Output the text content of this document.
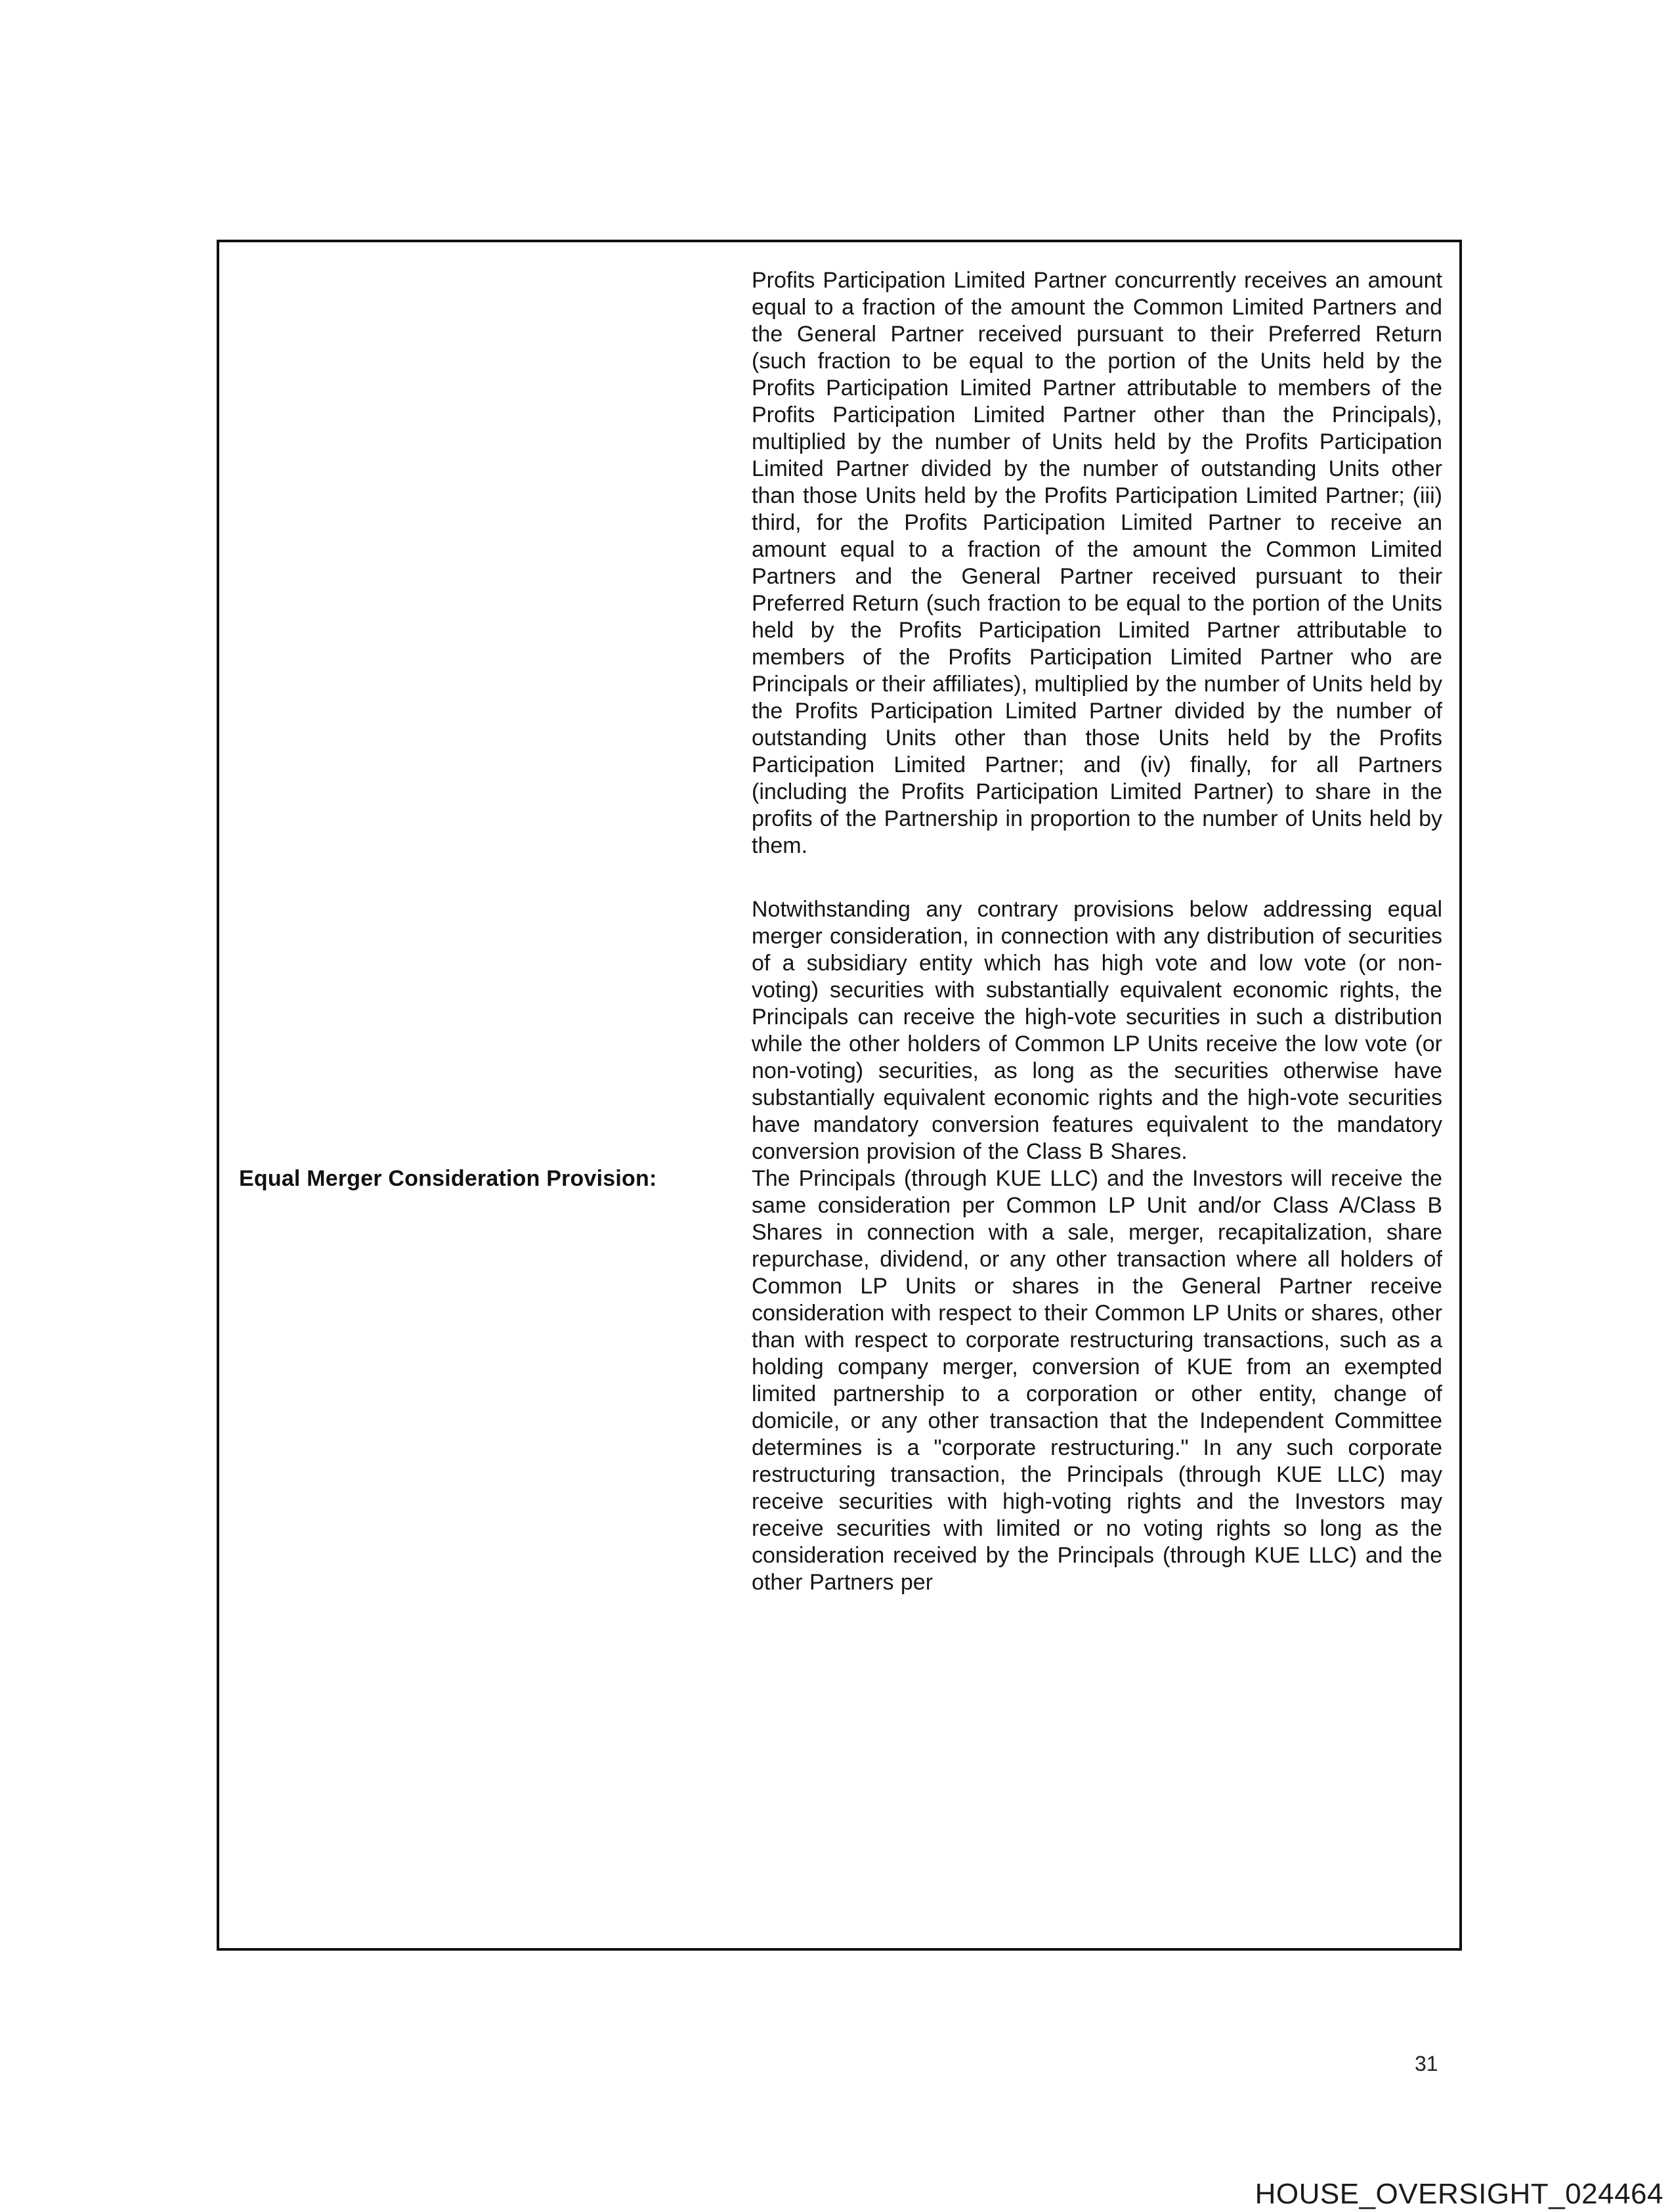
Profits Participation Limited Partner concurrently receives an amount equal to a fraction of the amount the Common Limited Partners and the General Partner received pursuant to their Preferred Return (such fraction to be equal to the portion of the Units held by the Profits Participation Limited Partner attributable to members of the Profits Participation Limited Partner other than the Principals), multiplied by the number of Units held by the Profits Participation Limited Partner divided by the number of outstanding Units other than those Units held by the Profits Participation Limited Partner; (iii) third, for the Profits Participation Limited Partner to receive an amount equal to a fraction of the amount the Common Limited Partners and the General Partner received pursuant to their Preferred Return (such fraction to be equal to the portion of the Units held by the Profits Participation Limited Partner attributable to members of the Profits Participation Limited Partner who are Principals or their affiliates), multiplied by the number of Units held by the Profits Participation Limited Partner divided by the number of outstanding Units other than those Units held by the Profits Participation Limited Partner; and (iv) finally, for all Partners (including the Profits Participation Limited Partner) to share in the profits of the Partnership in proportion to the number of Units held by them.

Notwithstanding any contrary provisions below addressing equal merger consideration, in connection with any distribution of securities of a subsidiary entity which has high vote and low vote (or non-voting) securities with substantially equivalent economic rights, the Principals can receive the high-vote securities in such a distribution while the other holders of Common LP Units receive the low vote (or non-voting) securities, as long as the securities otherwise have substantially equivalent economic rights and the high-vote securities have mandatory conversion features equivalent to the mandatory conversion provision of the Class B Shares.

Equal Merger Consideration Provision:	The Principals (through KUE LLC) and the Investors will receive the same consideration per Common LP Unit and/or Class A/Class B Shares in connection with a sale, merger, recapitalization, share repurchase, dividend, or any other transaction where all holders of Common LP Units or shares in the General Partner receive consideration with respect to their Common LP Units or shares, other than with respect to corporate restructuring transactions, such as a holding company merger, conversion of KUE from an exempted limited partnership to a corporation or other entity, change of domicile, or any other transaction that the Independent Committee determines is a "corporate restructuring." In any such corporate restructuring transaction, the Principals (through KUE LLC) may receive securities with high-voting rights and the Investors may receive securities with limited or no voting rights so long as the consideration received by the Principals (through KUE LLC) and the other Partners per

31
HOUSE_OVERSIGHT_024464
